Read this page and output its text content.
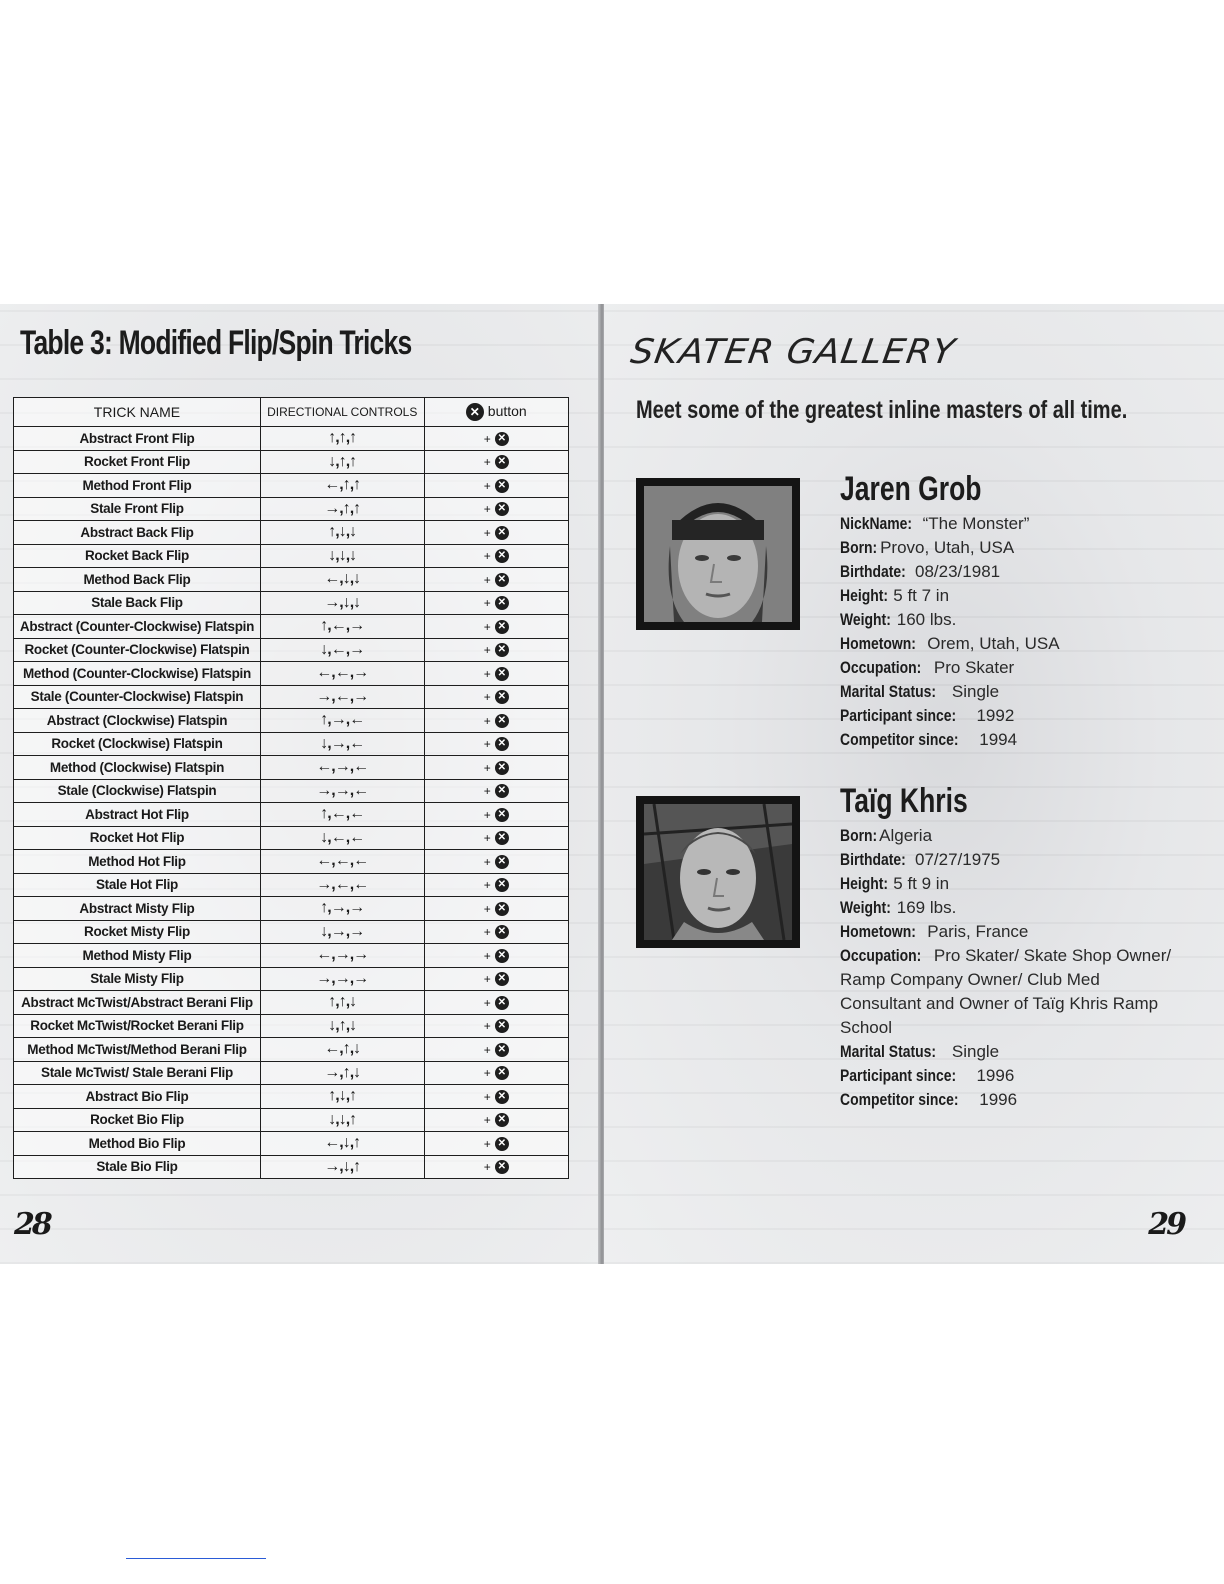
Table 3: Modified Flip/Spin Tricks
TRICK NAME	DIRECTIONAL CONTROLS	✕ button
Abstract Front Flip	↑,↑,↑	+ ✕
Rocket Front Flip	↓,↑,↑	+ ✕
Method Front Flip	←,↑,↑	+ ✕
Stale Front Flip	→,↑,↑	+ ✕
Abstract Back Flip	↑,↓,↓	+ ✕
Rocket Back Flip	↓,↓,↓	+ ✕
Method Back Flip	←,↓,↓	+ ✕
Stale Back Flip	→,↓,↓	+ ✕
Abstract (Counter-Clockwise) Flatspin	↑,←,→	+ ✕
Rocket (Counter-Clockwise) Flatspin	↓,←,→	+ ✕
Method (Counter-Clockwise) Flatspin	←,←,→	+ ✕
Stale (Counter-Clockwise) Flatspin	→,←,→	+ ✕
Abstract (Clockwise) Flatspin	↑,→,←	+ ✕
Rocket (Clockwise) Flatspin	↓,→,←	+ ✕
Method (Clockwise) Flatspin	←,→,←	+ ✕
Stale (Clockwise) Flatspin	→,→,←	+ ✕
Abstract Hot Flip	↑,←,←	+ ✕
Rocket Hot Flip	↓,←,←	+ ✕
Method Hot Flip	←,←,←	+ ✕
Stale Hot Flip	→,←,←	+ ✕
Abstract Misty Flip	↑,→,→	+ ✕
Rocket Misty Flip	↓,→,→	+ ✕
Method Misty Flip	←,→,→	+ ✕
Stale Misty Flip	→,→,→	+ ✕
Abstract McTwist/Abstract Berani Flip	↑,↑,↓	+ ✕
Rocket McTwist/Rocket Berani Flip	↓,↑,↓	+ ✕
Method McTwist/Method Berani Flip	←,↑,↓	+ ✕
Stale McTwist/ Stale Berani Flip	→,↑,↓	+ ✕
Abstract Bio Flip	↑,↓,↑	+ ✕
Rocket Bio Flip	↓,↓,↑	+ ✕
Method Bio Flip	←,↓,↑	+ ✕
Stale Bio Flip	→,↓,↑	+ ✕
28
SKATER GALLERY

Meet some of the greatest inline masters of all time.

Jaren Grob
NickName: “The Monster”
Born: Provo, Utah, USA
Birthdate: 08/23/1981
Height: 5 ft 7 in
Weight: 160 lbs.
Hometown: Orem, Utah, USA
Occupation: Pro Skater
Marital Status: Single
Participant since: 1992
Competitor since: 1994
Taïg Khris
Born: Algeria
Birthdate: 07/27/1975
Height: 5 ft 9 in
Weight: 169 lbs.
Hometown: Paris, France
Occupation: Pro Skater/ Skate Shop Owner/ Ramp Company Owner/ Club Med Consultant and Owner of Taïg Khris Ramp School
Marital Status: Single
Participant since: 1996
Competitor since: 1996
29
